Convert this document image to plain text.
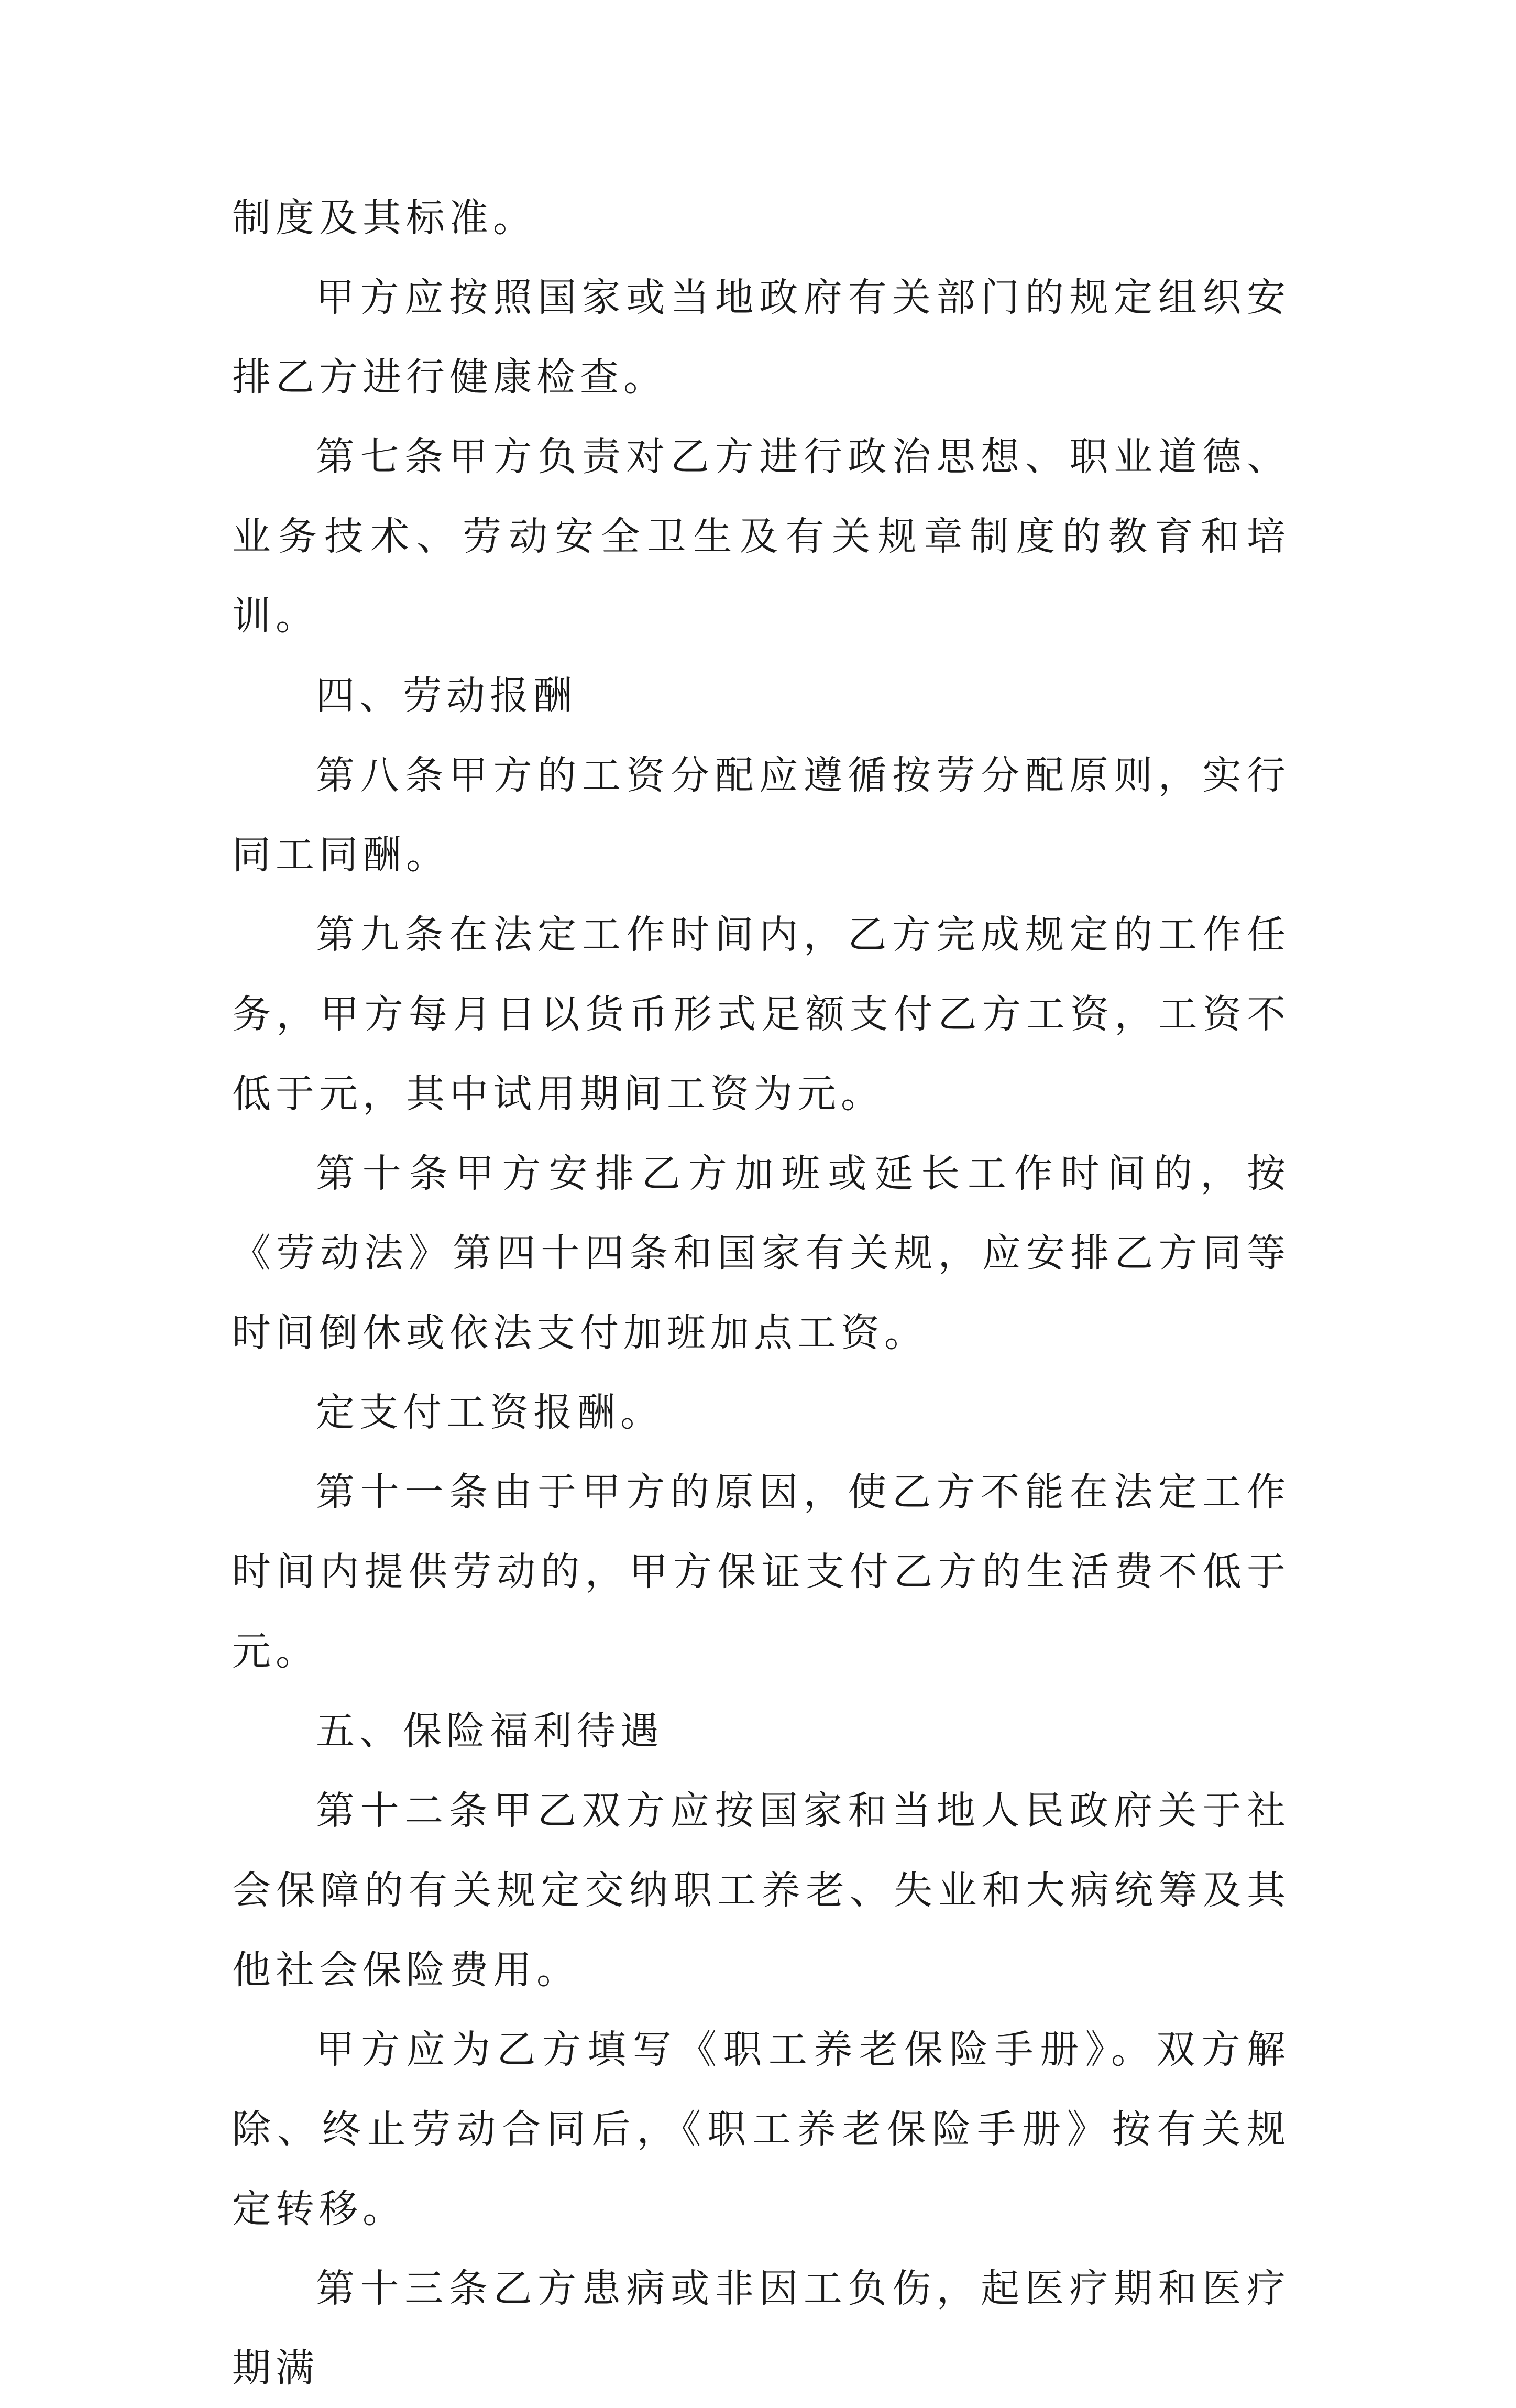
制度及其标准。

甲方应按照国家或当地政府有关部门的规定组织安排乙方进行健康检查。

第七条甲方负责对乙方进行政治思想、职业道德、业务技术、劳动安全卫生及有关规章制度的教育和培训。

四、劳动报酬

第八条甲方的工资分配应遵循按劳分配原则，实行同工同酬。

第九条在法定工作时间内，乙方完成规定的工作任务，甲方每月日以货币形式足额支付乙方工资，工资不低于元，其中试用期间工资为元。

第十条甲方安排乙方加班或延长工作时间的，按《劳动法》第四十四条和国家有关规，应安排乙方同等时间倒休或依法支付加班加点工资。

定支付工资报酬。

第十一条由于甲方的原因，使乙方不能在法定工作时间内提供劳动的，甲方保证支付乙方的生活费不低于元。

五、保险福利待遇

第十二条甲乙双方应按国家和当地人民政府关于社会保障的有关规定交纳职工养老、失业和大病统筹及其他社会保险费用。

甲方应为乙方填写《职工养老保险手册》。双方解除、终止劳动合同后，《职工养老保险手册》按有关规定转移。

第十三条乙方患病或非因工负伤，起医疗期和医疗期满
